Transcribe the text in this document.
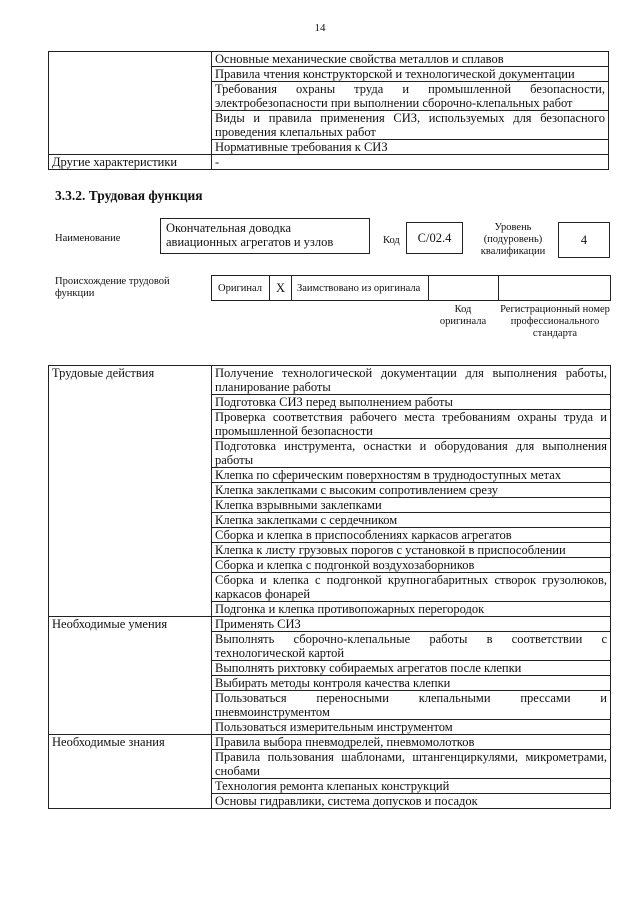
14
	Основные механические свойства металлов и сплавов
	Правила чтения конструкторской и технологической документации
	Требования охраны труда и промышленной безопасности, электробезопасности при выполнении сборочно-клепальных работ
	Виды и правила применения СИЗ, используемых для безопасного проведения клепальных работ
	Нормативные требования к СИЗ
Другие характеристики	-
3.3.2. Трудовая функция
Наименование
Окончательная доводка авиационных агрегатов и узлов	Код	С/02.4
Уровень (подуровень) квалификации
4
Происхождение трудовой функции	Оригинал	X	Заимствовано из оригинала
Код оригинала
Регистрационный номер профессионального стандарта
Трудовые действия	Получение технологической документации для выполнения работы, планирование работы
	Подготовка СИЗ перед выполнением работы
	Проверка соответствия рабочего места требованиям охраны труда и промышленной безопасности
	Подготовка инструмента, оснастки и оборудования для выполнения работы
	Клепка по сферическим поверхностям в труднодоступных метах
	Клепка заклепками с высоким сопротивлением срезу
	Клепка взрывными заклепками
	Клепка заклепками с сердечником
	Сборка и клепка в приспособлениях каркасов агрегатов
	Клепка к листу грузовых порогов с установкой в приспособлении
	Сборка и клепка с подгонкой воздухозаборников
	Сборка и клепка с подгонкой крупногабаритных створок грузолюков, каркасов фонарей
	Подгонка и клепка противопожарных перегородок
Необходимые умения	Применять СИЗ
	Выполнять сборочно-клепальные работы в соответствии с технологической картой
	Выполнять рихтовку собираемых агрегатов после клепки
	Выбирать методы контроля качества клепки
	Пользоваться переносными клепальными прессами и пневмоинструментом
	Пользоваться измерительным инструментом
Необходимые знания	Правила выбора пневмодрелей, пневмомолотков
	Правила пользования шаблонами, штангенциркулями, микрометрами, снобами
	Технология ремонта клепаных конструкций
	Основы гидравлики, система допусков и посадок
